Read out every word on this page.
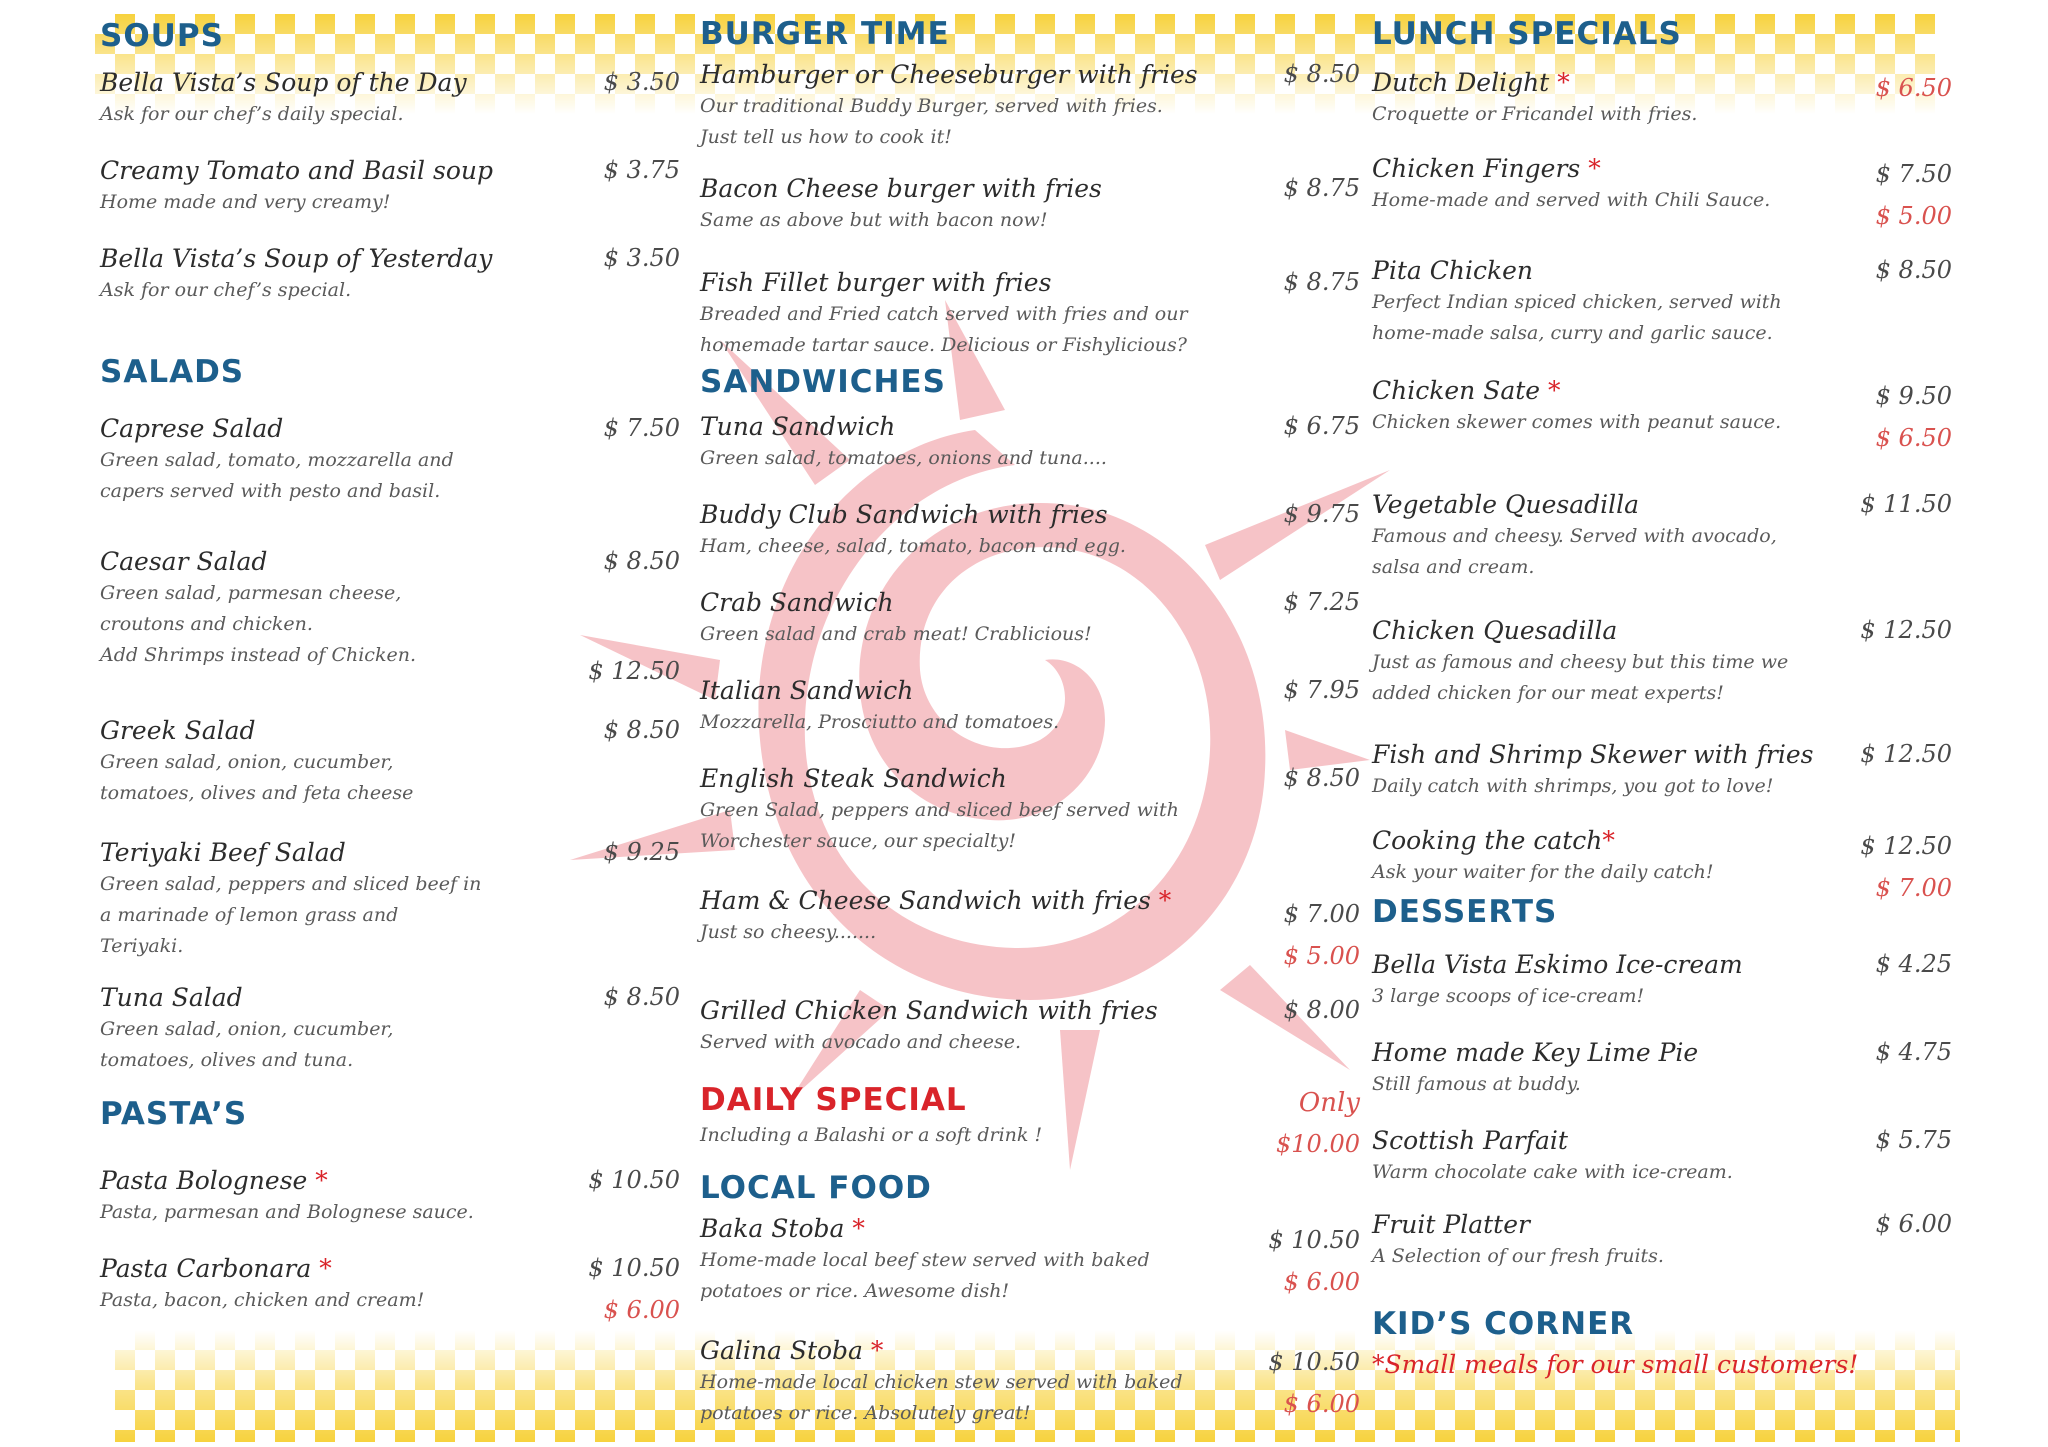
SOUPS
Bella Vista’s Soup of the Day
Ask for our chef’s daily special.
$ 3.50
Creamy Tomato and Basil soup
Home made and very creamy!
$ 3.75
Bella Vista’s Soup of Yesterday
Ask for our chef’s special.
$ 3.50
SALADS
Caprese Salad
Green salad, tomato, mozzarella and
capers served with pesto and basil.
$ 7.50
Caesar Salad
Green salad, parmesan cheese,
croutons and chicken.
Add Shrimps instead of Chicken.
$ 8.50
$ 12.50
Greek Salad
Green salad, onion, cucumber,
tomatoes, olives and feta cheese
$ 8.50
Teriyaki Beef Salad
Green salad, peppers and sliced beef in
a marinade of lemon grass and
Teriyaki.
$ 9.25
Tuna Salad
Green salad, onion, cucumber,
tomatoes, olives and tuna.
$ 8.50
PASTA’S
Pasta Bolognese *
Pasta, parmesan and Bolognese sauce.
$ 10.50
Pasta Carbonara *
Pasta, bacon, chicken and cream!
$ 10.50
$ 6.00
BURGER TIME
Hamburger or Cheeseburger with fries
Our traditional Buddy Burger, served with fries.
Just tell us how to cook it!
$ 8.50
Bacon Cheese burger with fries
Same as above but with bacon now!
$ 8.75
Fish Fillet burger with fries
Breaded and Fried catch served with fries and our
homemade tartar sauce. Delicious or Fishylicious?
$ 8.75
SANDWICHES
Tuna Sandwich
Green salad, tomatoes, onions and tuna....
$ 6.75
Buddy Club Sandwich with fries
Ham, cheese, salad, tomato, bacon and egg.
$ 9.75
Crab Sandwich
Green salad and crab meat! Crablicious!
$ 7.25
Italian Sandwich
Mozzarella, Prosciutto and tomatoes.
$ 7.95
English Steak Sandwich
Green Salad, peppers and sliced beef served with
Worchester sauce, our specialty!
$ 8.50
Ham & Cheese Sandwich with fries *
Just so cheesy.......
$ 7.00
$ 5.00
Grilled Chicken Sandwich with fries
Served with avocado and cheese.
$ 8.00
DAILY SPECIAL
Including a Balashi or a soft drink !
Only
$10.00
LOCAL FOOD
Baka Stoba *
Home-made local beef stew served with baked
potatoes or rice. Awesome dish!
$ 10.50
$ 6.00
Galina Stoba *
Home-made local chicken stew served with baked
potatoes or rice. Absolutely great!
$ 10.50
$ 6.00
LUNCH SPECIALS
Dutch Delight *
Croquette or Fricandel with fries.
$ 6.50
Chicken Fingers *
Home-made and served with Chili Sauce.
$ 7.50
$ 5.00
Pita Chicken
Perfect Indian spiced chicken, served with
home-made salsa, curry and garlic sauce.
$ 8.50
Chicken Sate *
Chicken skewer comes with peanut sauce.
$ 9.50
$ 6.50
Vegetable Quesadilla
Famous and cheesy. Served with avocado,
salsa and cream.
$ 11.50
Chicken Quesadilla
Just as famous and cheesy but this time we
added chicken for our meat experts!
$ 12.50
Fish and Shrimp Skewer with fries
Daily catch with shrimps, you got to love!
$ 12.50
Cooking the catch*
Ask your waiter for the daily catch!
$ 12.50
$ 7.00
DESSERTS
Bella Vista Eskimo Ice-cream
3 large scoops of ice-cream!
$ 4.25
Home made Key Lime Pie
Still famous at buddy.
$ 4.75
Scottish Parfait
Warm chocolate cake with ice-cream.
$ 5.75
Fruit Platter
A Selection of our fresh fruits.
$ 6.00
KID’S CORNER
*Small meals for our small customers!
